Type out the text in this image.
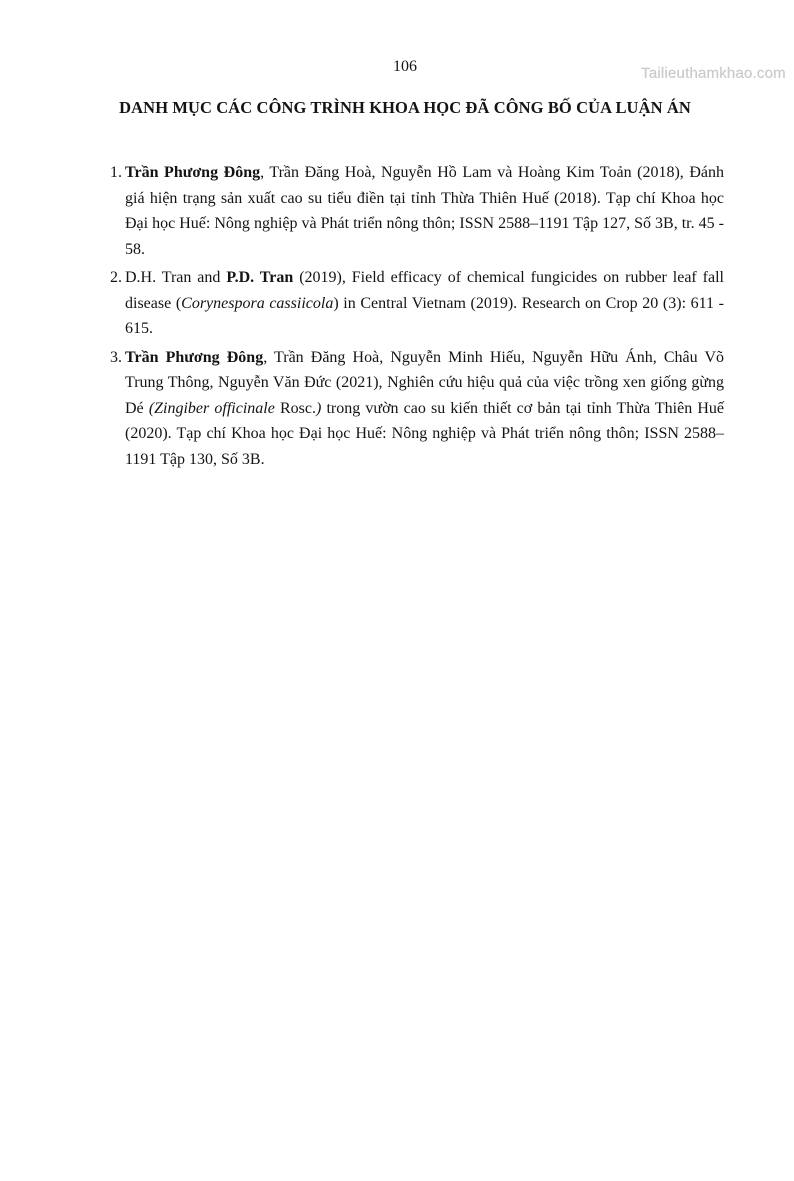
Tailieuthamkhao.com
106
DANH MỤC CÁC CÔNG TRÌNH KHOA HỌC ĐÃ CÔNG BỐ CỦA LUẬN ÁN
1. Trần Phương Đông, Trần Đăng Hoà, Nguyễn Hồ Lam và Hoàng Kim Toản (2018), Đánh giá hiện trạng sản xuất cao su tiểu điền tại tỉnh Thừa Thiên Huế (2018). Tạp chí Khoa học Đại học Huế: Nông nghiệp và Phát triển nông thôn; ISSN 2588–1191 Tập 127, Số 3B, tr. 45 - 58.
2. D.H. Tran and P.D. Tran (2019), Field efficacy of chemical fungicides on rubber leaf fall disease (Corynespora cassiicola) in Central Vietnam (2019). Research on Crop 20 (3): 611 - 615.
3. Trần Phương Đông, Trần Đăng Hoà, Nguyễn Minh Hiếu, Nguyễn Hữu Ánh, Châu Võ Trung Thông, Nguyễn Văn Đức (2021), Nghiên cứu hiệu quả của việc trồng xen giống gừng Dé (Zingiber officinale Rosc.) trong vườn cao su kiến thiết cơ bản tại tỉnh Thừa Thiên Huế (2020). Tạp chí Khoa học Đại học Huế: Nông nghiệp và Phát triển nông thôn; ISSN 2588–1191 Tập 130, Số 3B.
